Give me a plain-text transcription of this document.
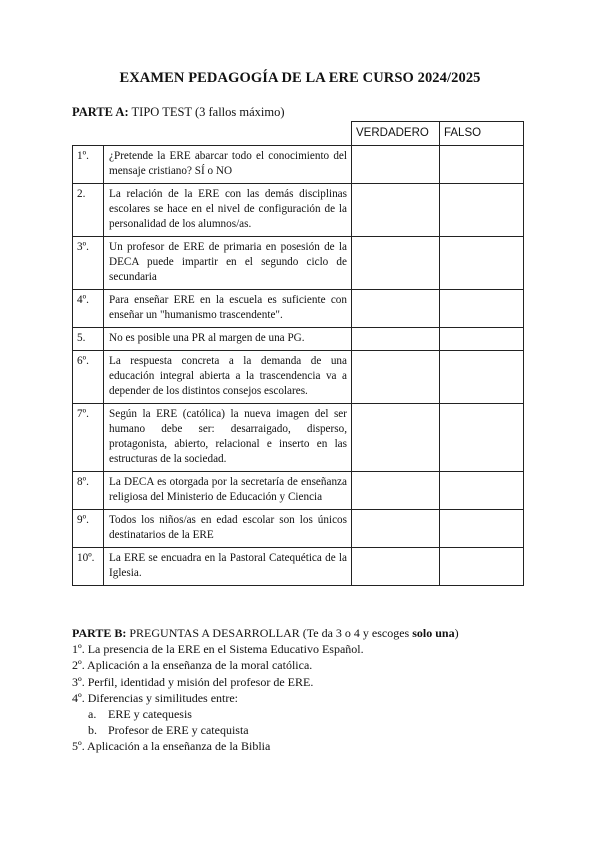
EXAMEN PEDAGOGÍA DE LA ERE CURSO 2024/2025
PARTE A: TIPO TEST (3 fallos máximo)
		VERDADERO	FALSO
1º.	¿Pretende la ERE abarcar todo el conocimiento del mensaje cristiano? SÍ o NO		
2.	La relación de la ERE con las demás disciplinas escolares se hace en el nivel de configuración de la personalidad de los alumnos/as.		
3º.	Un profesor de ERE de primaria en posesión de la DECA puede impartir en el segundo ciclo de secundaria		
4º.	Para enseñar ERE en la escuela es suficiente con enseñar un "humanismo trascendente".		
5.	No es posible una PR al margen de una PG.		
6º.	La respuesta concreta a la demanda de una educación integral abierta a la trascendencia va a depender de los distintos consejos escolares.		
7º.	Según la ERE (católica) la nueva imagen del ser humano debe ser: desarraigado, disperso, protagonista, abierto, relacional e inserto en las estructuras de la sociedad.		
8º.	La DECA es otorgada por la secretaría de enseñanza religiosa del Ministerio de Educación y Ciencia		
9º.	Todos los niños/as en edad escolar son los únicos destinatarios de la ERE		
10º.	La ERE se encuadra en la Pastoral Catequética de la Iglesia.		
PARTE B: PREGUNTAS A DESARROLLAR (Te da 3 o 4 y escoges solo una)
1º. La presencia de la ERE en el Sistema Educativo Español.
2º. Aplicación a la enseñanza de la moral católica.
3º. Perfil, identidad y misión del profesor de ERE.
4º. Diferencias y similitudes entre:
a. ERE y catequesis
b. Profesor de ERE y catequista
5º. Aplicación a la enseñanza de la Biblia
